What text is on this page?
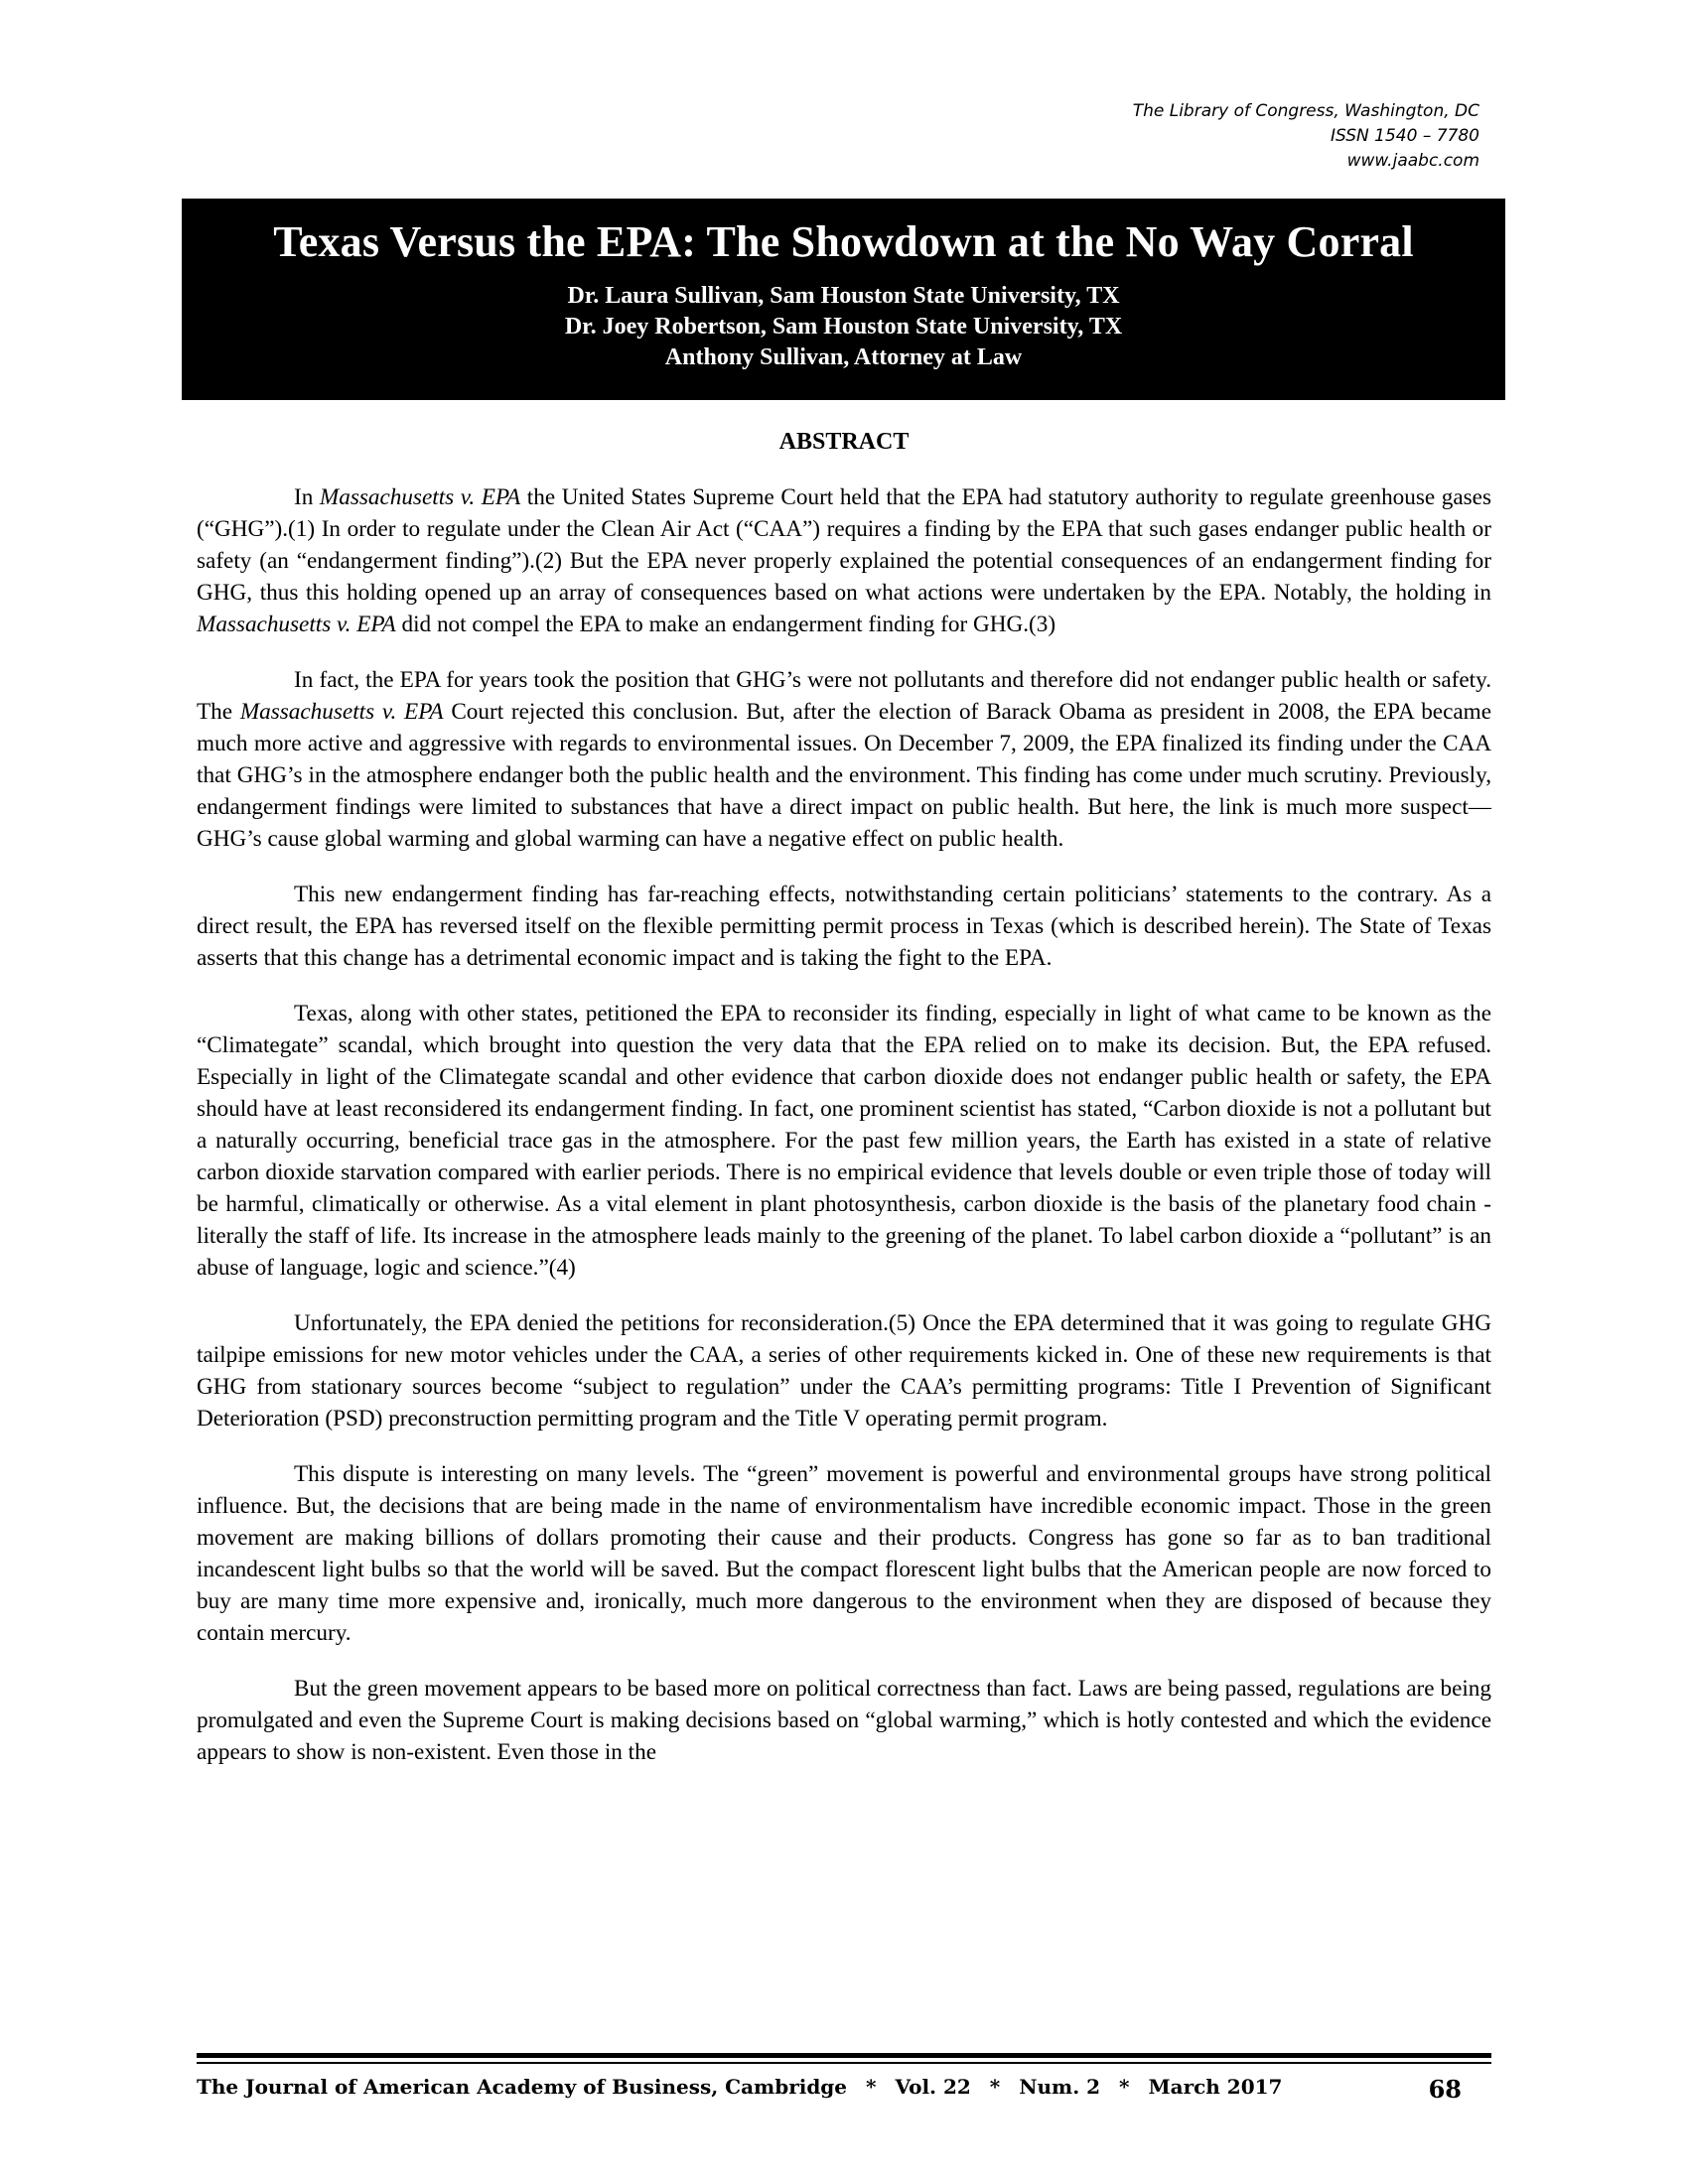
The Library of Congress, Washington, DC
ISSN 1540 – 7780
www.jaabc.com
Texas Versus the EPA: The Showdown at the No Way Corral
Dr. Laura Sullivan, Sam Houston State University, TX
Dr. Joey Robertson, Sam Houston State University, TX
Anthony Sullivan, Attorney at Law
ABSTRACT

In Massachusetts v. EPA the United States Supreme Court held that the EPA had statutory authority to regulate greenhouse gases (“GHG”).(1) In order to regulate under the Clean Air Act (“CAA”) requires a finding by the EPA that such gases endanger public health or safety (an “endangerment finding”).(2) But the EPA never properly explained the potential consequences of an endangerment finding for GHG, thus this holding opened up an array of consequences based on what actions were undertaken by the EPA. Notably, the holding in Massachusetts v. EPA did not compel the EPA to make an endangerment finding for GHG.(3)

In fact, the EPA for years took the position that GHG’s were not pollutants and therefore did not endanger public health or safety. The Massachusetts v. EPA Court rejected this conclusion. But, after the election of Barack Obama as president in 2008, the EPA became much more active and aggressive with regards to environmental issues. On December 7, 2009, the EPA finalized its finding under the CAA that GHG’s in the atmosphere endanger both the public health and the environment. This finding has come under much scrutiny. Previously, endangerment findings were limited to substances that have a direct impact on public health. But here, the link is much more suspect—GHG’s cause global warming and global warming can have a negative effect on public health.

This new endangerment finding has far-reaching effects, notwithstanding certain politicians’ statements to the contrary. As a direct result, the EPA has reversed itself on the flexible permitting permit process in Texas (which is described herein). The State of Texas asserts that this change has a detrimental economic impact and is taking the fight to the EPA.

Texas, along with other states, petitioned the EPA to reconsider its finding, especially in light of what came to be known as the “Climategate” scandal, which brought into question the very data that the EPA relied on to make its decision. But, the EPA refused. Especially in light of the Climategate scandal and other evidence that carbon dioxide does not endanger public health or safety, the EPA should have at least reconsidered its endangerment finding. In fact, one prominent scientist has stated, “Carbon dioxide is not a pollutant but a naturally occurring, beneficial trace gas in the atmosphere. For the past few million years, the Earth has existed in a state of relative carbon dioxide starvation compared with earlier periods. There is no empirical evidence that levels double or even triple those of today will be harmful, climatically or otherwise. As a vital element in plant photosynthesis, carbon dioxide is the basis of the planetary food chain - literally the staff of life. Its increase in the atmosphere leads mainly to the greening of the planet. To label carbon dioxide a “pollutant” is an abuse of language, logic and science.”(4)

Unfortunately, the EPA denied the petitions for reconsideration.(5) Once the EPA determined that it was going to regulate GHG tailpipe emissions for new motor vehicles under the CAA, a series of other requirements kicked in. One of these new requirements is that GHG from stationary sources become “subject to regulation” under the CAA’s permitting programs: Title I Prevention of Significant Deterioration (PSD) preconstruction permitting program and the Title V operating permit program.

This dispute is interesting on many levels. The “green” movement is powerful and environmental groups have strong political influence. But, the decisions that are being made in the name of environmentalism have incredible economic impact. Those in the green movement are making billions of dollars promoting their cause and their products. Congress has gone so far as to ban traditional incandescent light bulbs so that the world will be saved. But the compact florescent light bulbs that the American people are now forced to buy are many time more expensive and, ironically, much more dangerous to the environment when they are disposed of because they contain mercury.

But the green movement appears to be based more on political correctness than fact. Laws are being passed, regulations are being promulgated and even the Supreme Court is making decisions based on “global warming,” which is hotly contested and which the evidence appears to show is non-existent. Even those in the

The Journal of American Academy of Business, Cambridge * Vol. 22 * Num. 2 * March 2017	68
